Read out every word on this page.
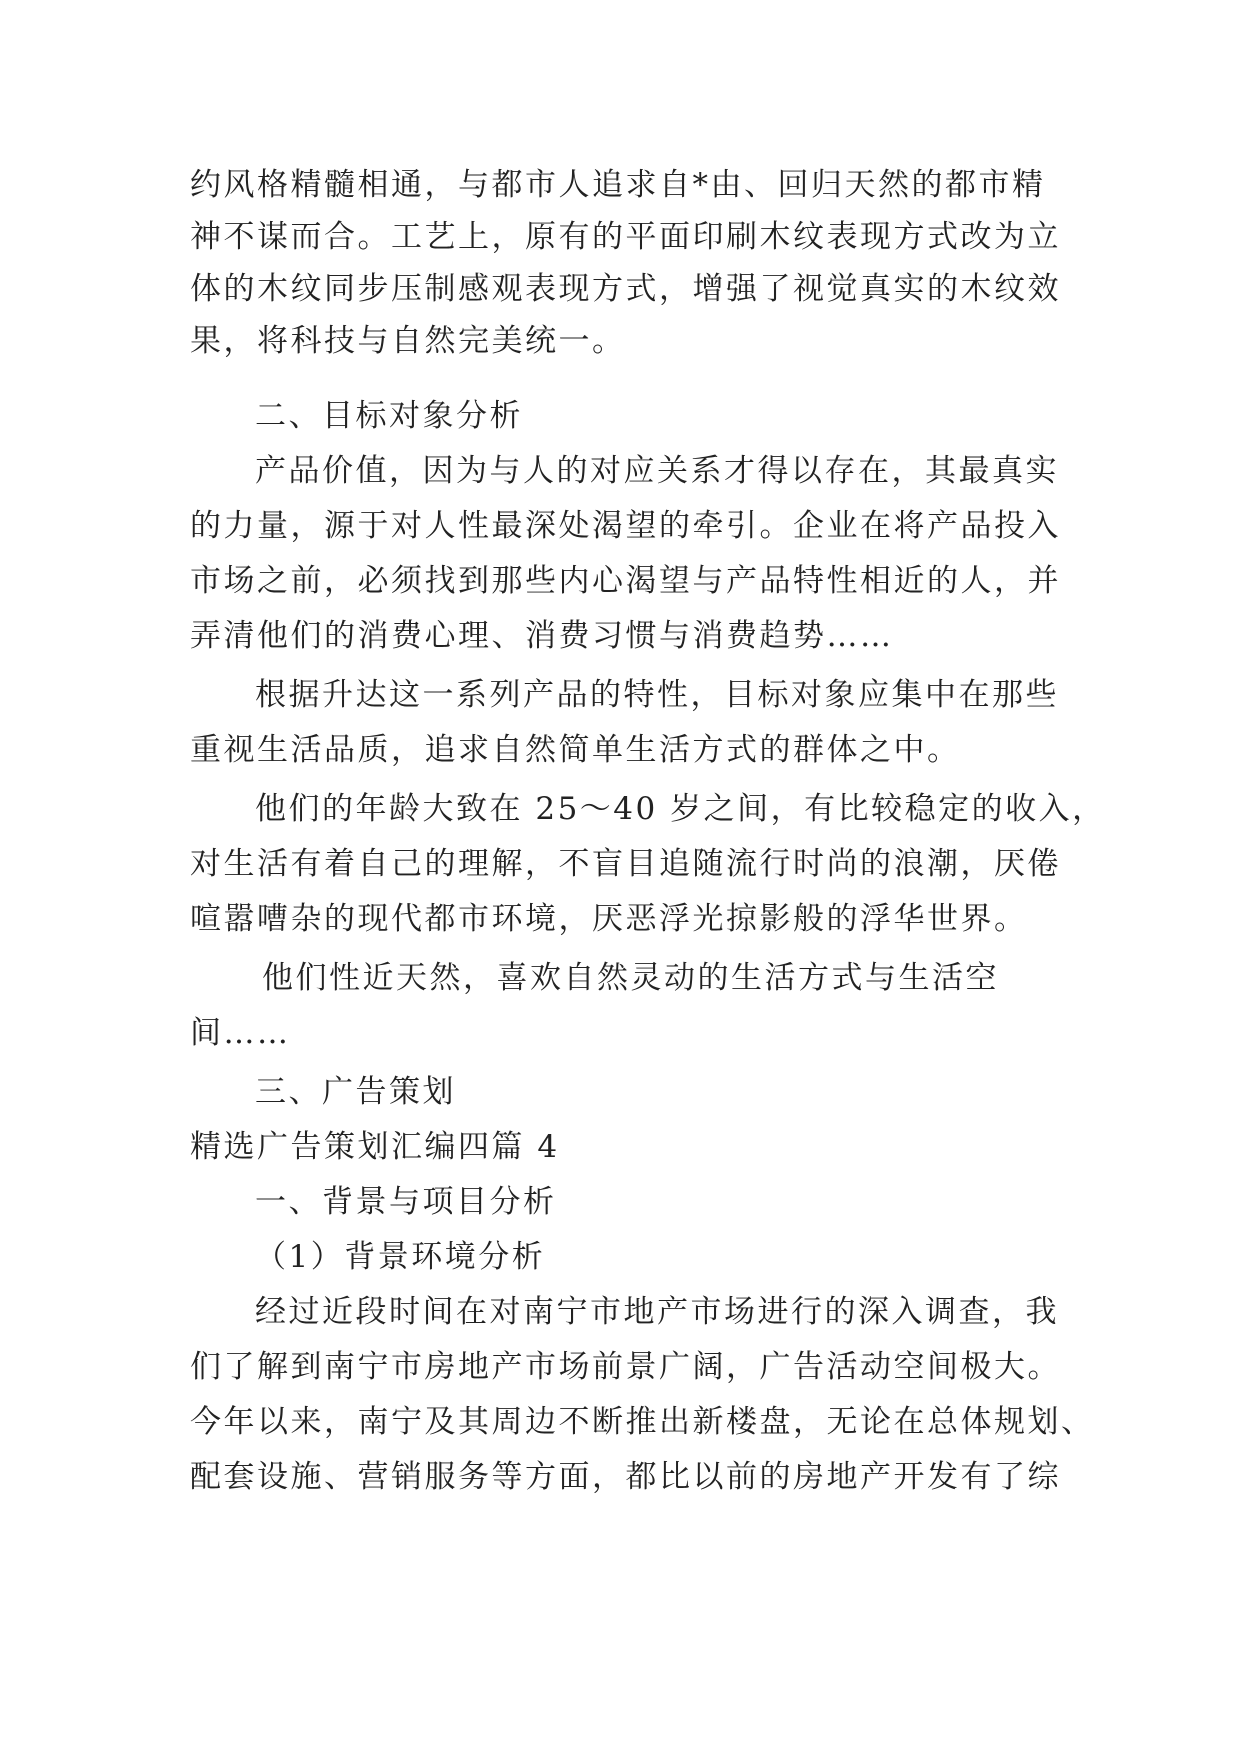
约风格精髓相通，与都市人追求自*由、回归天然的都市精
神不谋而合。工艺上，原有的平面印刷木纹表现方式改为立
体的木纹同步压制感观表现方式，增强了视觉真实的木纹效
果，将科技与自然完美统一。
二、目标对象分析
产品价值，因为与人的对应关系才得以存在，其最真实
的力量，源于对人性最深处渴望的牵引。企业在将产品投入
市场之前，必须找到那些内心渴望与产品特性相近的人，并
弄清他们的消费心理、消费习惯与消费趋势……
根据升达这一系列产品的特性，目标对象应集中在那些
重视生活品质，追求自然简单生活方式的群体之中。
他们的年龄大致在 25～40 岁之间，有比较稳定的收入，
对生活有着自己的理解，不盲目追随流行时尚的浪潮，厌倦
喧嚣嘈杂的现代都市环境，厌恶浮光掠影般的浮华世界。
他们性近天然，喜欢自然灵动的生活方式与生活空
间……
三、广告策划
精选广告策划汇编四篇 4
一、背景与项目分析
（1）背景环境分析
经过近段时间在对南宁市地产市场进行的深入调查，我
们了解到南宁市房地产市场前景广阔，广告活动空间极大。
今年以来，南宁及其周边不断推出新楼盘，无论在总体规划、
配套设施、营销服务等方面，都比以前的房地产开发有了综
